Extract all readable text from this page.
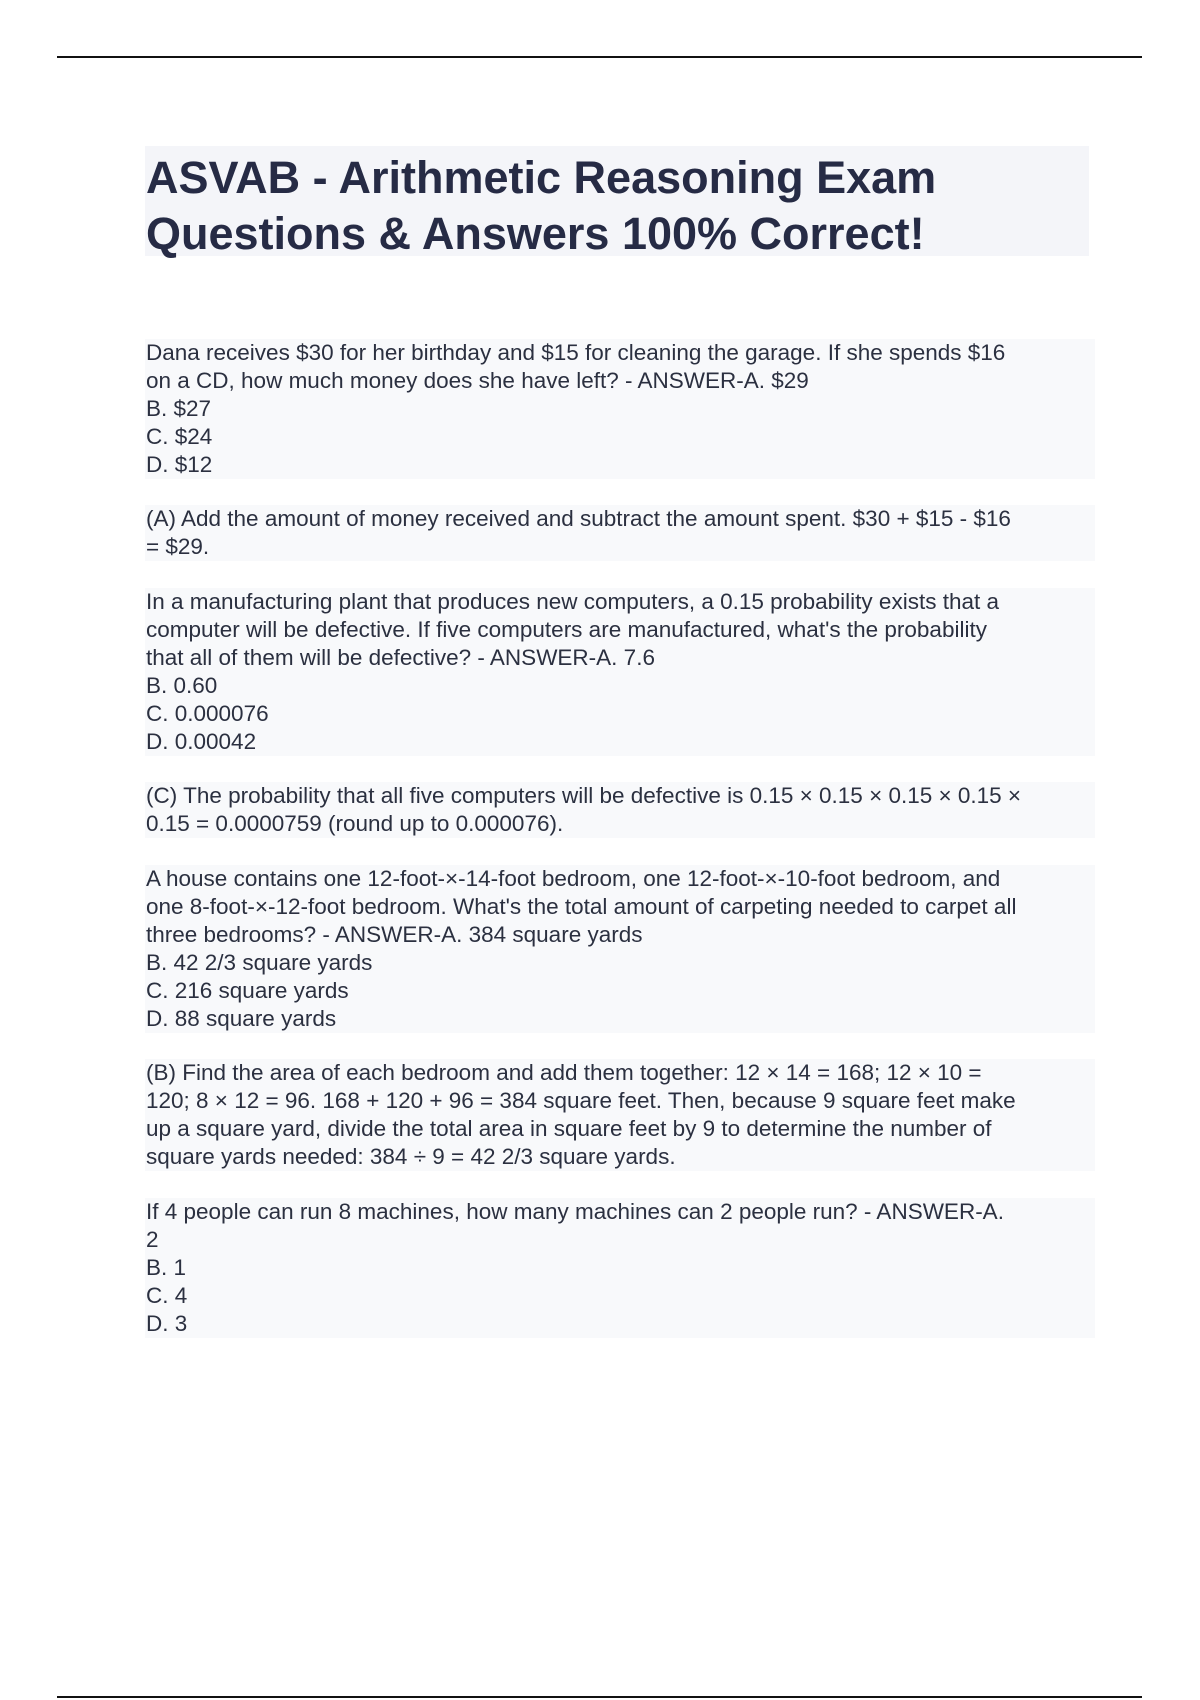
ASVAB - Arithmetic Reasoning Exam
Questions & Answers 100% Correct!
Dana receives $30 for her birthday and $15 for cleaning the garage. If she spends $16
on a CD, how much money does she have left? - ANSWER-A. $29
B. $27
C. $24
D. $12
(A) Add the amount of money received and subtract the amount spent. $30 + $15 - $16
= $29.
In a manufacturing plant that produces new computers, a 0.15 probability exists that a
computer will be defective. If five computers are manufactured, what's the probability
that all of them will be defective? - ANSWER-A. 7.6
B. 0.60
C. 0.000076
D. 0.00042
(C) The probability that all five computers will be defective is 0.15 × 0.15 × 0.15 × 0.15 ×
0.15 = 0.0000759 (round up to 0.000076).
A house contains one 12-foot-×-14-foot bedroom, one 12-foot-×-10-foot bedroom, and
one 8-foot-×-12-foot bedroom. What's the total amount of carpeting needed to carpet all
three bedrooms? - ANSWER-A. 384 square yards
B. 42 2/3 square yards
C. 216 square yards
D. 88 square yards
(B) Find the area of each bedroom and add them together: 12 × 14 = 168; 12 × 10 =
120; 8 × 12 = 96. 168 + 120 + 96 = 384 square feet. Then, because 9 square feet make
up a square yard, divide the total area in square feet by 9 to determine the number of
square yards needed: 384 ÷ 9 = 42 2/3 square yards.
If 4 people can run 8 machines, how many machines can 2 people run? - ANSWER-A.
2
B. 1
C. 4
D. 3
